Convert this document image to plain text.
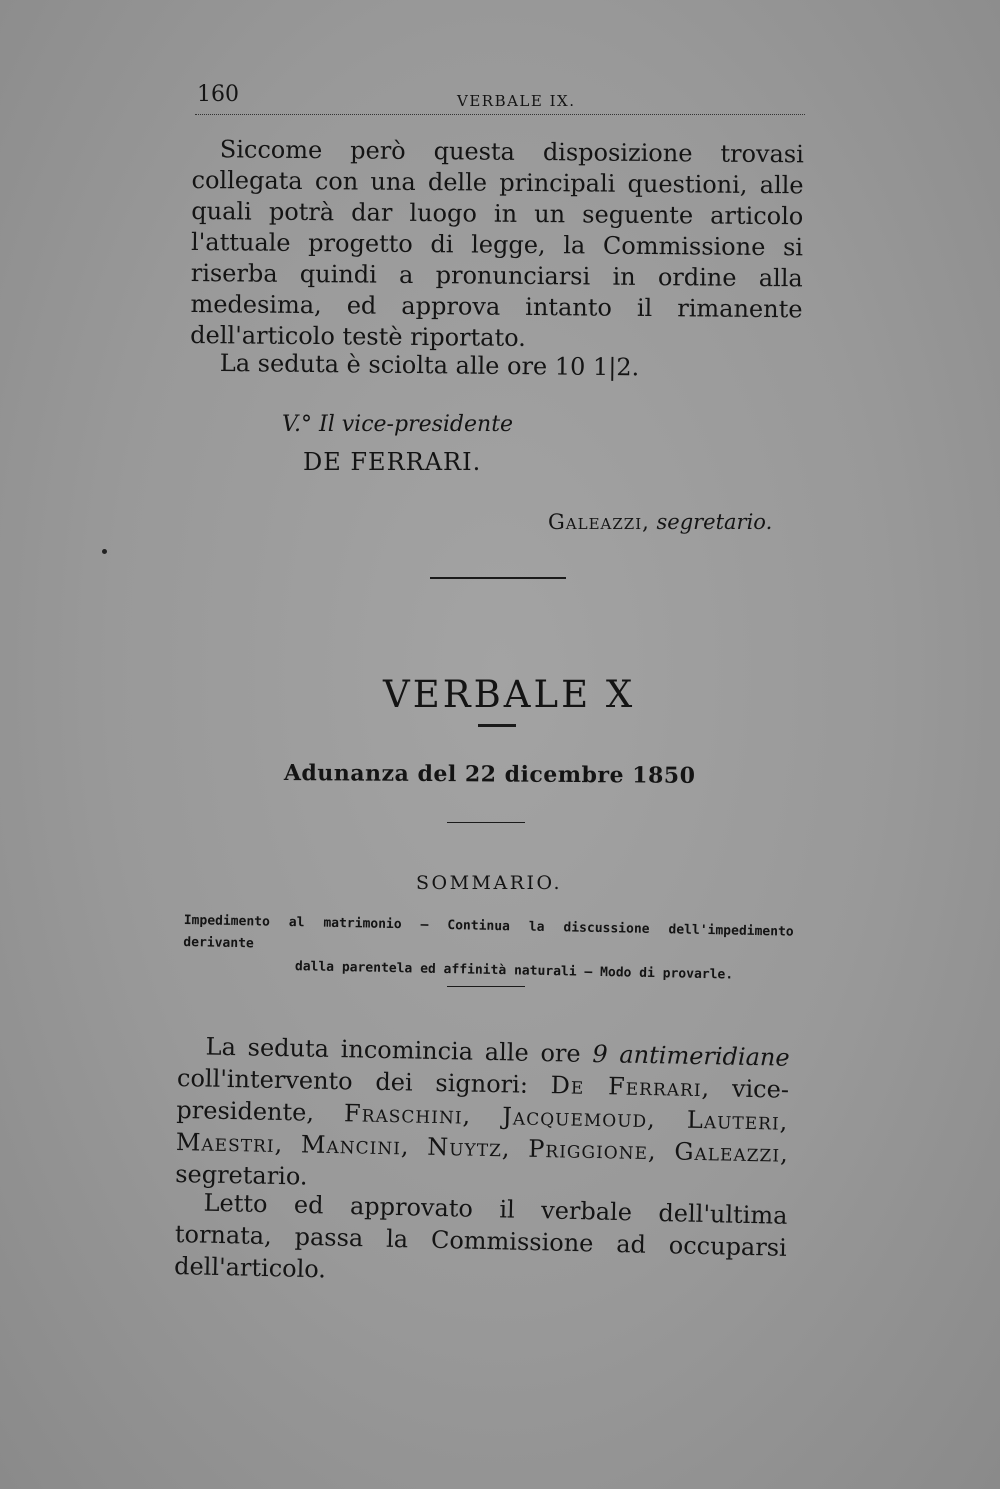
160	VERBALE IX.

Siccome però questa disposizione trovasi collegata con una delle principali questioni, alle quali potrà dar luogo in un seguente articolo l'attuale progetto di legge, la Commissione si riserba quindi a pronunciarsi in ordine alla medesima, ed approva intanto il rimanente dell'articolo testè riportato.

La seduta è sciolta alle ore 10 1|2.

V.° Il vice-presidente
DE FERRARI.
Galeazzi, segretario.
VERBALE X
Adunanza del 22 dicembre 1850
SOMMARIO.
Impedimento al matrimonio — Continua la discussione dell'impedimento derivante
dalla parentela ed affinità naturali — Modo di provarle.

La seduta incomincia alle ore 9 antimeridiane coll'intervento dei signori: De Ferrari, vice-presidente, Fraschini, Jacquemoud, Lauteri, Maestri, Mancini, Nuytz, Priggione, Galeazzi, segretario.

Letto ed approvato il verbale dell'ultima tornata, passa la Commissione ad occuparsi dell'articolo.
